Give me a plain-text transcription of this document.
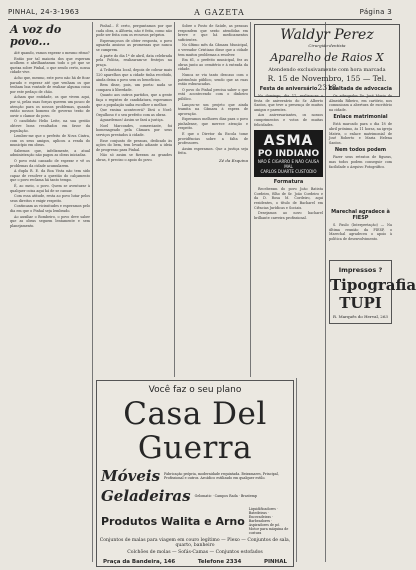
PINHAL, 24-3-1963	A GAZETA	Página 3
A voz do povo...

Até quando, vamos esperar o mesmo ritmo?

Então por tal maioria dos que esperam acolhem e abrilhantaram todo o pé que se queixa sobre Pinhal, o que sendo certo, nossa cidade vive.

Acho que, mesmo, este povo não há de ficar parado e esperar até que venham os que tenham boa vontade de realizar alguma coisa por este pedaço de chão.

Acham que entidade, os que vivem aqui, por si, pelas suas forças querem um pouco de atenção para os nossos problemas, quando então nossos homens de governo terão de ouvir o clamor do povo.

O candidato Helio Leite, na sua gestão obteve bons resultados em favor da população.

Lembro-me que o prefeito de Nova Cintra, com os seus amigos, aplicou a renda do município em obras.

Sabemos que, infelizmente, a atual administração não pagou as obras iniciadas.

O povo está cansado de esperar e vê os problemas da cidade acumularem.

A dupla R. E. da Boa Vista não tem sido capaz de resolver a questão do calçamento que o povo reclama há tanto tempo.

É, ao meio, o povo. Quem se aventurar à qualquer coisa aqui há de se cansar.

Com essa atitude, resta ao povo lutar pelos seus direitos e exigir respeito.

Continuam as vicissitudes e esperamos pelo dia em que o Pinhal seja lembrado.

Ao auxiliar o Bombeiro, o povo deve saber que as obras seguem lentamente e sem planejamento.

Pinhal... É certo, perguntamos por que cada obra, a Alforria, não é feita, como não pode ser feita com os recursos próprios.

Esperançosos de obter resposta, o povo aguarda ansioso as promessas que nunca se cumprem.

A parte do dia 1º de abril, data celebrada pela Polícia, realizaram-se festejos na praça.

A Tributária local, depois de cobrar mais 120 aparelhos que a cidade tinha recebido, ainda deixa o povo sem os benefícios.

Bem disse, pois, um poeta: nada se compara à liberdade.

Quanto aos outros partidos, que a gente faça o registro de candidatura, esperamos que a população saiba escolher o melhor.

Que ensina acontecerá? Dirá o Noel: Orgulhoso é o seu prefeito com as obras.

Aguardemos! Assim se fará a justiça.

Noel Marcondes, comerciante, foi homenageado pela Câmara por seus serviços prestados à cidade.

Esse conjunto de pessoas, dedicado às ações do bem, tem levado adiante a ideia de progresso para Pinhal.

Não só assim se fizeram as grandes obras, é preciso o apoio do povo.

Sobre o Posto de Saúde, as pessoas respondem que serão atendidas em breve e que há medicamentos suficientes.

No último mês da Câmara Municipal, o vereador Cristiano disse que a cidade tem muitos problemas a resolver.

Em 61, o prefeito municipal, fez as obras junto ao cemitério e à entrada da cidade.

Nunca se viu tanto descaso com o patrimônio público, sendo que as ruas estão esburacadas.

O povo do Pinhal precisa saber o que está acontecendo com o dinheiro público.

Lançou-se um projeto que ainda tramita na Câmara à espera de aprovação.

Esperamos melhores dias para o povo pinhalense, que merece atenção e respeito.

E que o Diretor da Escola tome providências sobre a falta de professores.

Assim esperamos. Que a justiça seja feita.

Zé da Esquina
Waldyr Perez
Cirurgião-dentista
Aparelho de Raios X
Atendendo exclusivamente com hora marcada
R. 15 de Novembro, 155 — Tel. 2318
Festa de aniversário

No domingo, dia 17, realizou-se a festa de aniversário do Sr. Alberto Santos, que teve a presença de muitos amigos e parentes.

Aos aniversariantes, os nossos cumprimentos e votos de muitas felicidades.

ASMA
PO INDIANO
NÃO É CIGARRO E NÃO CAUSA MAL
CARLOS DUARTE CUSTODIO
Formatura

Receberam do povo João Batista Cordeiro, filho de Sr. João Cordeiro e da D. Rosa M. Cordeiro, aqui residentes, o título de Bacharel em Ciências Jurídicas e Sociais.

Desejamos ao novo bacharel brilhante carreira profissional.

Exaltada de advocacia

Os advogados Dr. José Maria de Almeida Ribeiro, em cartório, nos comunicam a abertura de escritório na cidade.

Enlace matrimonial

Está marcado para o dia 18 de abril próximo, às 11 horas, na igreja Matriz, o enlace matrimonial de José Roberto e Maria Helena Santos.

Nem todos podem

Fazer seus retratos de figuras, mas todos podem conseguir com facilidade o Arquivo Fotográfico.

Marechal agradece à FIESP

S. Paulo (Interpretação) — Na última reunião da FIESP, o Marechal agradeceu o apoio à política de desenvolvimento.

Impressos ?
Tipografia TUPI
R. Marquês do Herval, 263
Você faz o seu plano
Casa Del Guerra
Móveis Fabricação própria, modernidade requintada. Beiramares, Principal, Profissional e outros. Arcádico estilizado em qualquer estilo.
Geladeiras Gelomatic · Campos Rada · Brastemp
Produtos Walita e Arno
Liquidificadores · Batedeiras · Enceradeiras · Barbeadores · Aspiradores de pó. Motor para máquina de costura
Conjuntos de malas para viagem em couro legítimo — Plexo — Conjuntos de sala, quarto, banheiro
Colchões de molas — Sofás-Camas — Conjuntos estofados
Praça da Bandeira, 146	Telefone 2334	PINHAL
